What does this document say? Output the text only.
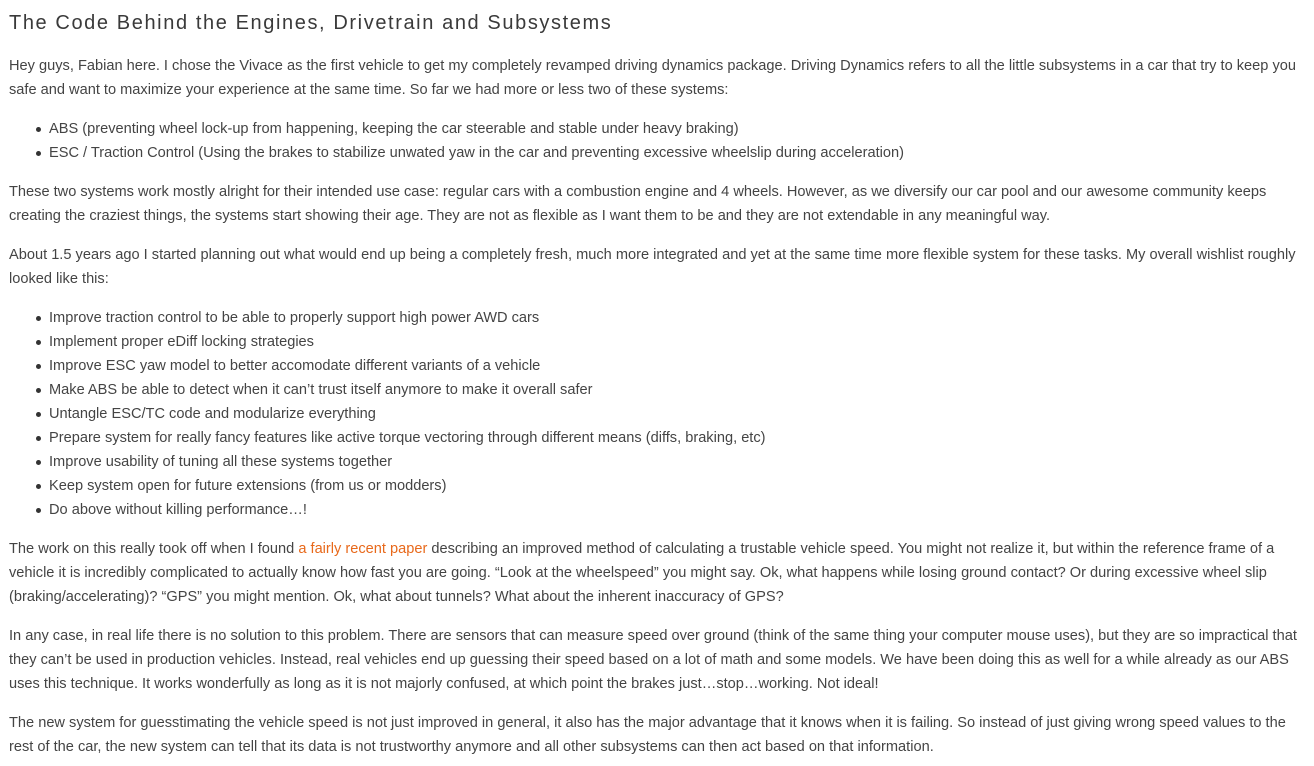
The Code Behind the Engines, Drivetrain and Subsystems

Hey guys, Fabian here. I chose the Vivace as the first vehicle to get my completely revamped driving dynamics package. Driving Dynamics refers to all the little subsystems in a car that try to keep you safe and want to maximize your experience at the same time. So far we had more or less two of these systems:

ABS (preventing wheel lock-up from happening, keeping the car steerable and stable under heavy braking)
ESC / Traction Control (Using the brakes to stabilize unwated yaw in the car and preventing excessive wheelslip during acceleration)

These two systems work mostly alright for their intended use case: regular cars with a combustion engine and 4 wheels. However, as we diversify our car pool and our awesome community keeps creating the craziest things, the systems start showing their age. They are not as flexible as I want them to be and they are not extendable in any meaningful way.

About 1.5 years ago I started planning out what would end up being a completely fresh, much more integrated and yet at the same time more flexible system for these tasks. My overall wishlist roughly looked like this:

Improve traction control to be able to properly support high power AWD cars
Implement proper eDiff locking strategies
Improve ESC yaw model to better accomodate different variants of a vehicle
Make ABS be able to detect when it can’t trust itself anymore to make it overall safer
Untangle ESC/TC code and modularize everything
Prepare system for really fancy features like active torque vectoring through different means (diffs, braking, etc)
Improve usability of tuning all these systems together
Keep system open for future extensions (from us or modders)
Do above without killing performance…!

The work on this really took off when I found a fairly recent paper describing an improved method of calculating a trustable vehicle speed. You might not realize it, but within the reference frame of a vehicle it is incredibly complicated to actually know how fast you are going. “Look at the wheelspeed” you might say. Ok, what happens while losing ground contact? Or during excessive wheel slip (braking/accelerating)? “GPS” you might mention. Ok, what about tunnels? What about the inherent inaccuracy of GPS?

In any case, in real life there is no solution to this problem. There are sensors that can measure speed over ground (think of the same thing your computer mouse uses), but they are so impractical that they can’t be used in production vehicles. Instead, real vehicles end up guessing their speed based on a lot of math and some models. We have been doing this as well for a while already as our ABS uses this technique. It works wonderfully as long as it is not majorly confused, at which point the brakes just…stop…working. Not ideal!

The new system for guesstimating the vehicle speed is not just improved in general, it also has the major advantage that it knows when it is failing. So instead of just giving wrong speed values to the rest of the car, the new system can tell that its data is not trustworthy anymore and all other subsystems can then act based on that information.
